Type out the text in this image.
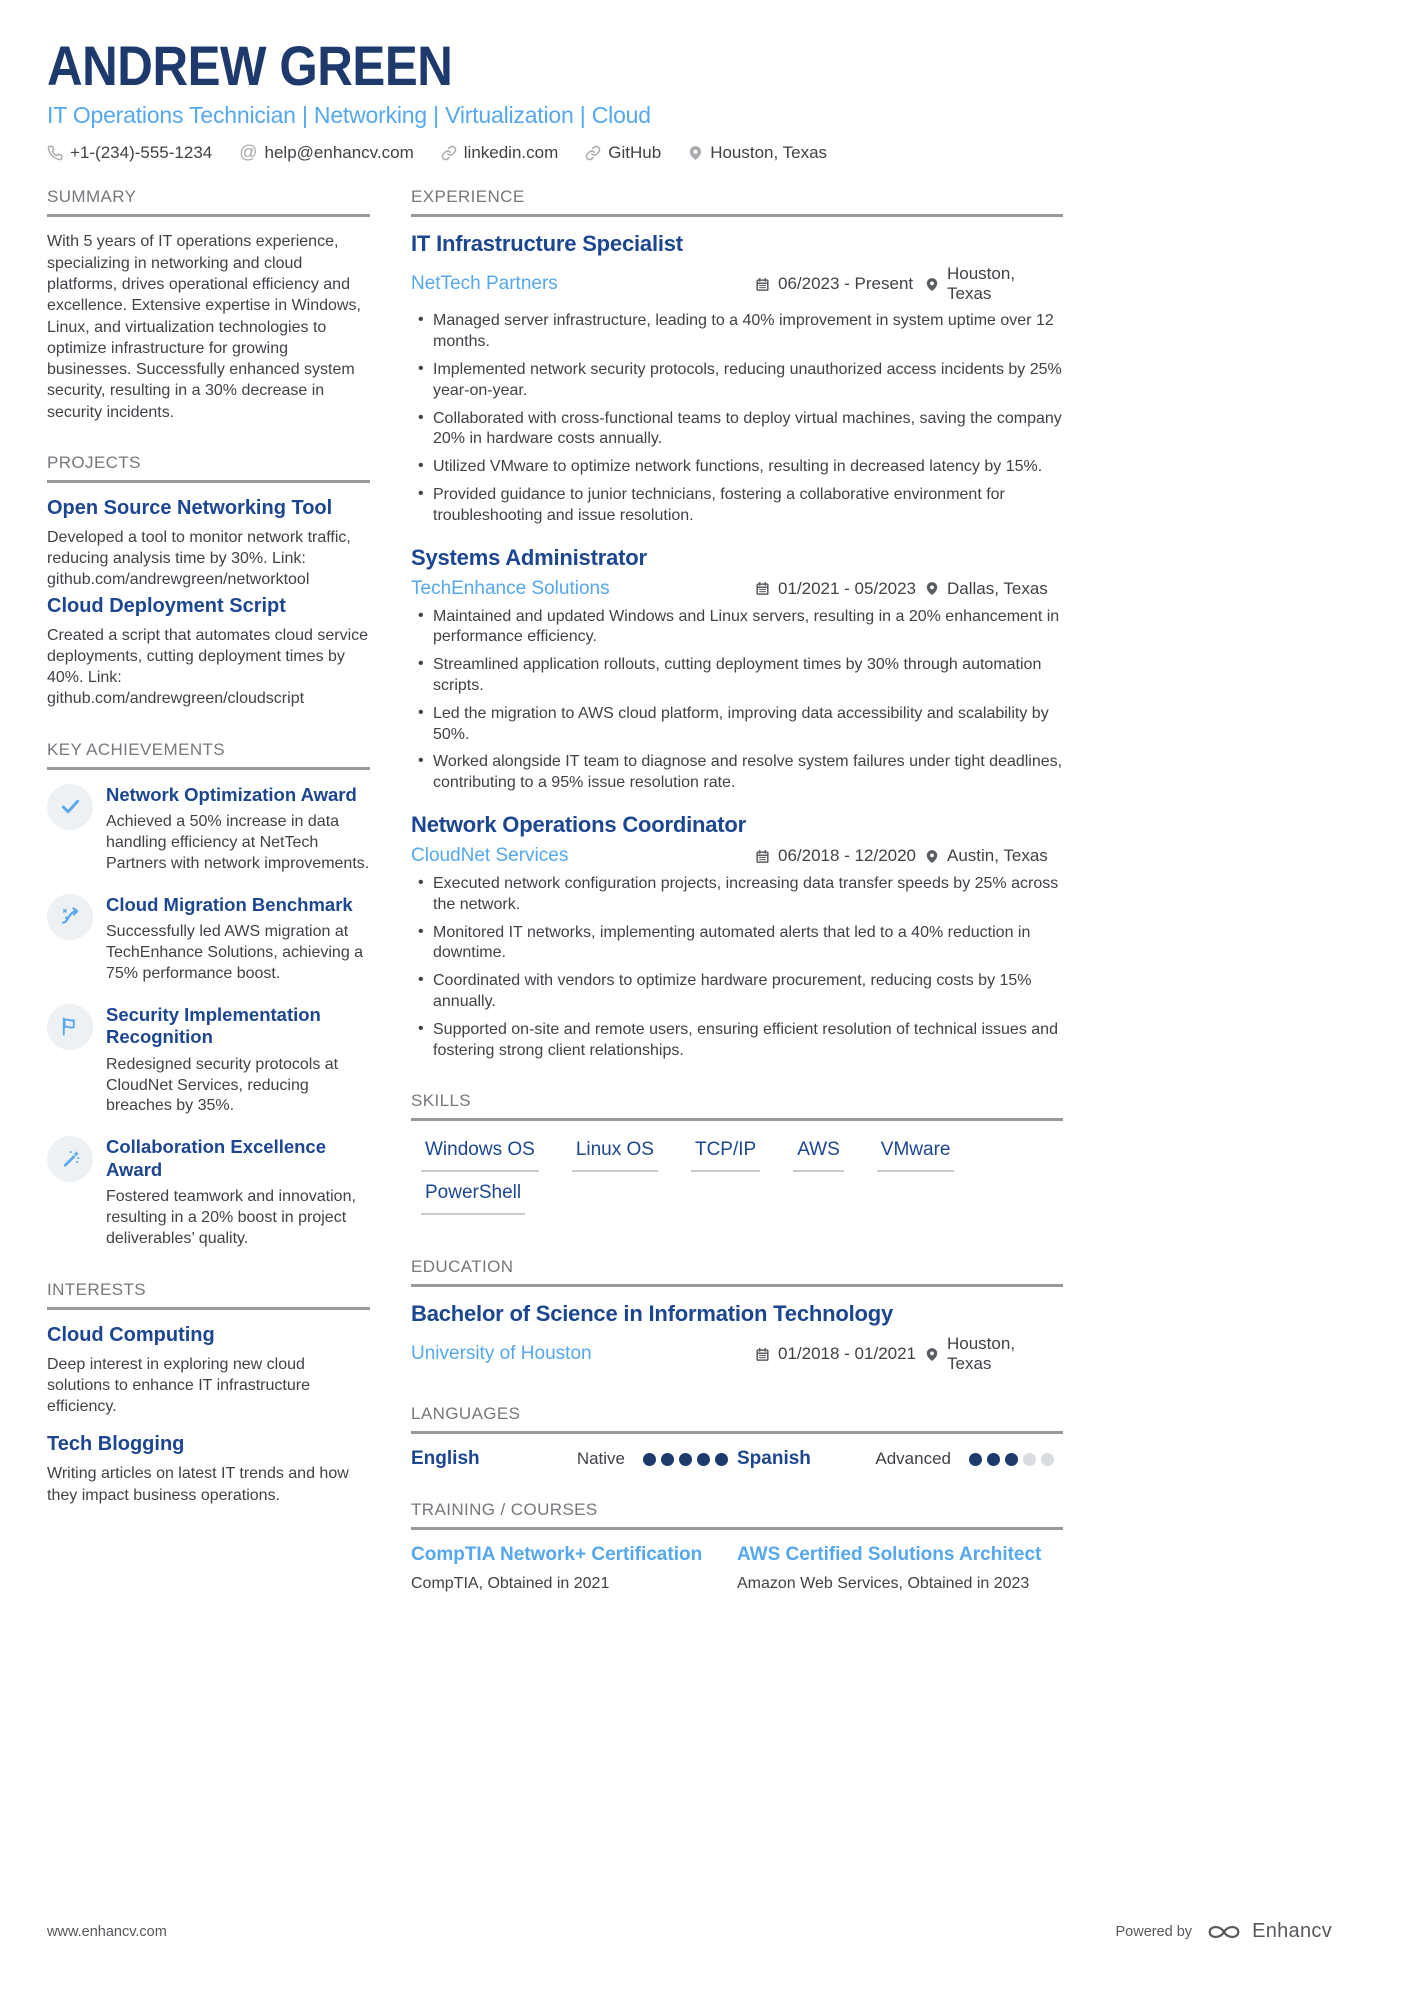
ANDREW GREEN
IT Operations Technician | Networking | Virtualization | Cloud
+1-(234)-555-1234 @ help@enhancv.com	linkedin.com	GitHub	Houston, Texas
SUMMARY
With 5 years of IT operations experience, specializing in networking and cloud platforms, drives operational efficiency and excellence. Extensive expertise in Windows, Linux, and virtualization technologies to optimize infrastructure for growing businesses. Successfully enhanced system security, resulting in a 30% decrease in security incidents.
PROJECTS
Open Source Networking Tool
Developed a tool to monitor network traffic, reducing analysis time by 30%. Link: github.com/andrewgreen/networktool
Cloud Deployment Script
Created a script that automates cloud service deployments, cutting deployment times by 40%. Link: github.com/andrewgreen/cloudscript
KEY ACHIEVEMENTS
Network Optimization Award
Achieved a 50% increase in data handling efficiency at NetTech Partners with network improvements.
Cloud Migration Benchmark
Successfully led AWS migration at TechEnhance Solutions, achieving a 75% performance boost.
Security Implementation Recognition
Redesigned security protocols at CloudNet Services, reducing breaches by 35%.
Collaboration Excellence Award
Fostered teamwork and innovation, resulting in a 20% boost in project deliverables’ quality.
INTERESTS
Cloud Computing
Deep interest in exploring new cloud solutions to enhance IT infrastructure efficiency.
Tech Blogging
Writing articles on latest IT trends and how they impact business operations.
EXPERIENCE
IT Infrastructure Specialist
NetTech Partners	06/2023 - Present
Houston, Texas
• Managed server infrastructure, leading to a 40% improvement in system uptime over 12 months.
• Implemented network security protocols, reducing unauthorized access incidents by 25% year-on-year.
• Collaborated with cross-functional teams to deploy virtual machines, saving the company 20% in hardware costs annually.
• Utilized VMware to optimize network functions, resulting in decreased latency by 15%.
• Provided guidance to junior technicians, fostering a collaborative environment for troubleshooting and issue resolution.
Systems Administrator
TechEnhance Solutions	01/2021 - 05/2023 Dallas, Texas
• Maintained and updated Windows and Linux servers, resulting in a 20% enhancement in performance efficiency.
• Streamlined application rollouts, cutting deployment times by 30% through automation scripts.
• Led the migration to AWS cloud platform, improving data accessibility and scalability by 50%.
• Worked alongside IT team to diagnose and resolve system failures under tight deadlines, contributing to a 95% issue resolution rate.
Network Operations Coordinator
CloudNet Services	06/2018 - 12/2020 Austin, Texas
• Executed network configuration projects, increasing data transfer speeds by 25% across the network.
• Monitored IT networks, implementing automated alerts that led to a 40% reduction in downtime.
• Coordinated with vendors to optimize hardware procurement, reducing costs by 15% annually.
• Supported on-site and remote users, ensuring efficient resolution of technical issues and fostering strong client relationships.
SKILLS
Windows OS Linux OS TCP/IP AWS VMware
PowerShell
EDUCATION
Bachelor of Science in Information Technology
University of Houston	01/2018 - 01/2021
Houston, Texas
LANGUAGES
English	Native	Spanish	Advanced
TRAINING / COURSES
CompTIA Network+ Certification
CompTIA, Obtained in 2021
AWS Certified Solutions Architect
Amazon Web Services, Obtained in 2023
www.enhancv.com	Powered by	Enhancv
